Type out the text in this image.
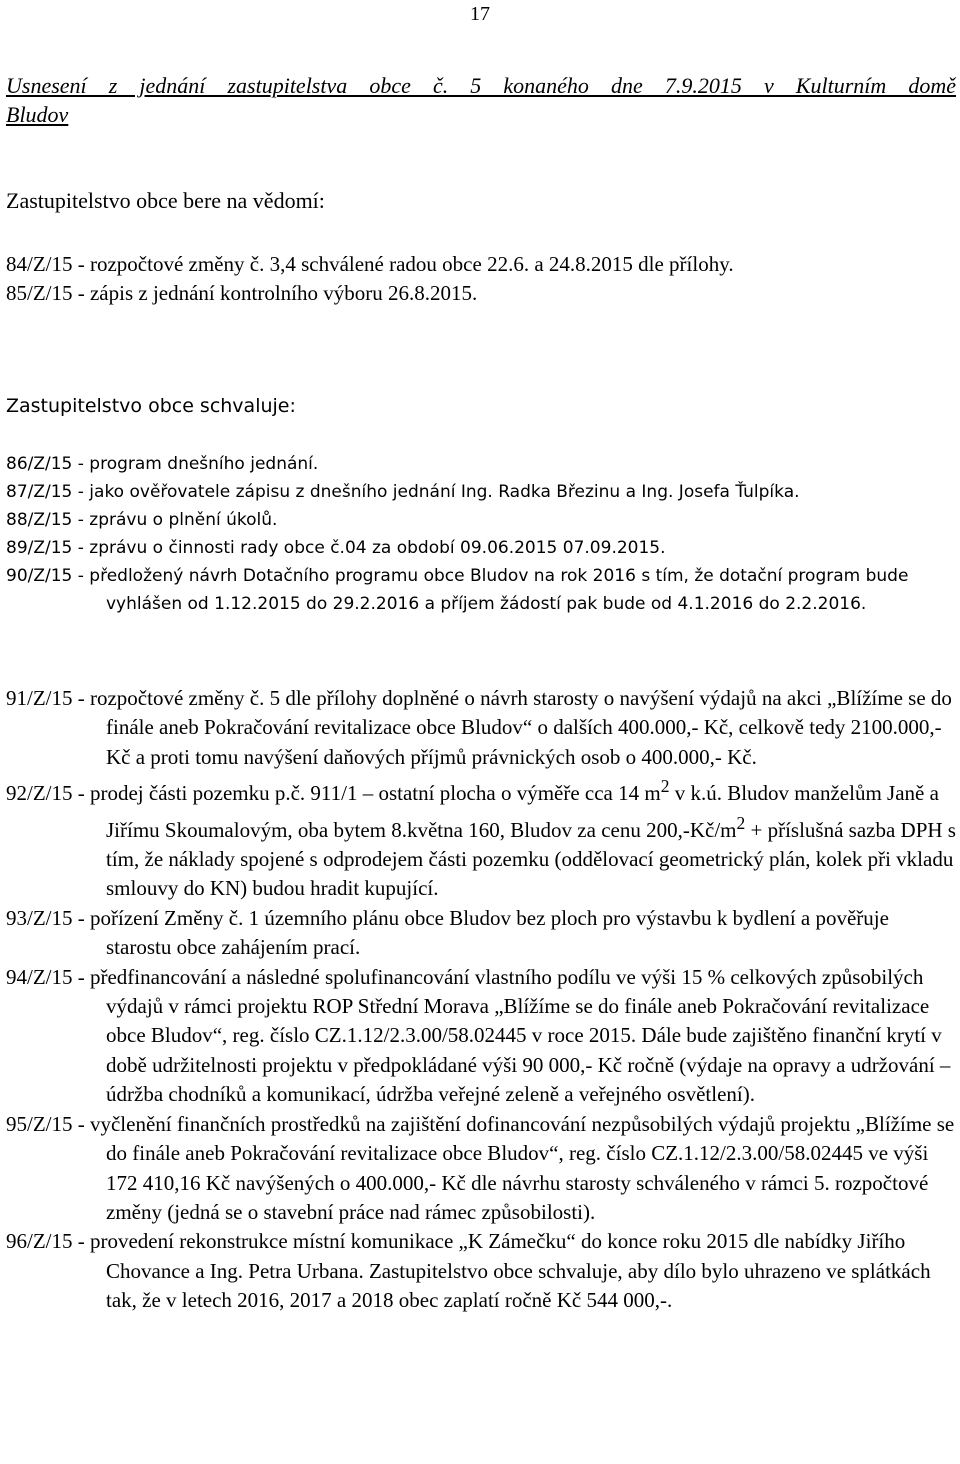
17
Usnesení z jednání zastupitelstva obce č. 5 konaného dne 7.9.2015 v Kulturním domě
Bludov
Zastupitelstvo obce bere na vědomí:
84/Z/15 - rozpočtové změny č. 3,4 schválené radou obce 22.6. a 24.8.2015 dle přílohy.
85/Z/15 - zápis z jednání kontrolního výboru 26.8.2015.
Zastupitelstvo obce schvaluje:
86/Z/15 - program dnešního jednání.
87/Z/15 - jako ověřovatele zápisu z dnešního jednání Ing. Radka Březinu a Ing. Josefa Ťulpíka.
88/Z/15 - zprávu o plnění úkolů.
89/Z/15 - zprávu o činnosti rady obce č.04 za období 09.06.2015 07.09.2015.
90/Z/15 - předložený návrh Dotačního programu obce Bludov na rok 2016 s tím, že dotační program bude vyhlášen od 1.12.2015 do 29.2.2016 a příjem žádostí pak bude od 4.1.2016 do 2.2.2016.
91/Z/15 - rozpočtové změny č. 5 dle přílohy doplněné o návrh starosty o navýšení výdajů na akci „Blížíme se do finále aneb Pokračování revitalizace obce Bludov“ o dalších 400.000,- Kč, celkově tedy 2100.000,- Kč a proti tomu navýšení daňových příjmů právnických osob o 400.000,- Kč.
92/Z/15 - prodej části pozemku p.č. 911/1 – ostatní plocha o výměře cca 14 $m^2$ v k.ú. Bludov manželům Janě a Jiřímu Skoumalovým, oba bytem 8.května 160, Bludov za cenu $200,-Kč/m^2$ + příslušná sazba DPH s tím, že náklady spojené s odprodejem části pozemku (oddělovací geometrický plán, kolek při vkladu smlouvy do KN) budou hradit kupující.
93/Z/15 - pořízení Změny č. 1 územního plánu obce Bludov bez ploch pro výstavbu k bydlení a pověřuje starostu obce zahájením prací.
94/Z/15 - předfinancování a následné spolufinancování vlastního podílu ve výši 15 % celkových způsobilých výdajů v rámci projektu ROP Střední Morava „Blížíme se do finále aneb Pokračování revitalizace obce Bludov“, reg. číslo CZ.1.12/2.3.00/58.02445 v roce 2015. Dále bude zajištěno finanční krytí v době udržitelnosti projektu v předpokládané výši 90 000,- Kč ročně (výdaje na opravy a udržování – údržba chodníků a komunikací, údržba veřejné zeleně a veřejného osvětlení).
95/Z/15 - vyčlenění finančních prostředků na zajištění dofinancování nezpůsobilých výdajů projektu „Blížíme se do finále aneb Pokračování revitalizace obce Bludov“, reg. číslo CZ.1.12/2.3.00/58.02445 ve výši 172 410,16 Kč navýšených o 400.000,- Kč dle návrhu starosty schváleného v rámci 5. rozpočtové změny (jedná se o stavební práce nad rámec způsobilosti).
96/Z/15 - provedení rekonstrukce místní komunikace „K Zámečku“ do konce roku 2015 dle nabídky Jiřího Chovance a Ing. Petra Urbana. Zastupitelstvo obce schvaluje, aby dílo bylo uhrazeno ve splátkách tak, že v letech 2016, 2017 a 2018 obec zaplatí ročně Kč 544 000,-.
